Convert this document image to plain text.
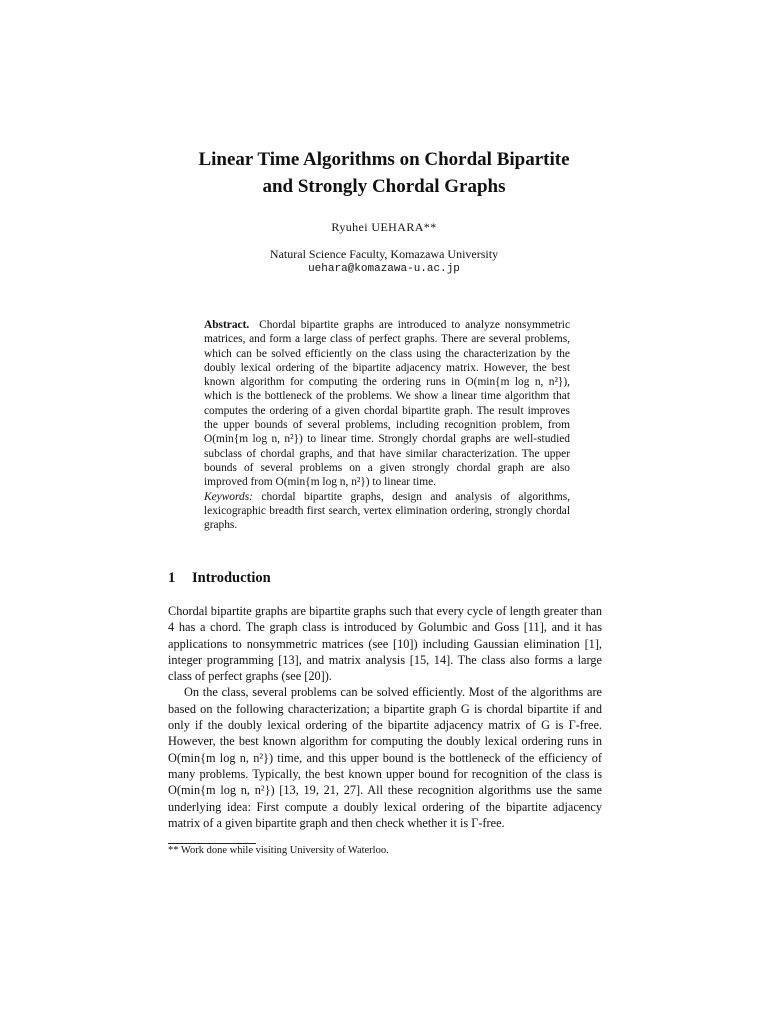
Linear Time Algorithms on Chordal Bipartite
and Strongly Chordal Graphs
Ryuhei UEHARA**
Natural Science Faculty, Komazawa University
uehara@komazawa-u.ac.jp

Abstract. Chordal bipartite graphs are introduced to analyze nonsymmetric matrices, and form a large class of perfect graphs. There are several problems, which can be solved efficiently on the class using the characterization by the doubly lexical ordering of the bipartite adjacency matrix. However, the best known algorithm for computing the ordering runs in O(min{m log n, n²}), which is the bottleneck of the problems. We show a linear time algorithm that computes the ordering of a given chordal bipartite graph. The result improves the upper bounds of several problems, including recognition problem, from O(min{m log n, n²}) to linear time. Strongly chordal graphs are well-studied subclass of chordal graphs, and that have similar characterization. The upper bounds of several problems on a given strongly chordal graph are also improved from O(min{m log n, n²}) to linear time.

Keywords: chordal bipartite graphs, design and analysis of algorithms, lexicographic breadth first search, vertex elimination ordering, strongly chordal graphs.

1 Introduction

Chordal bipartite graphs are bipartite graphs such that every cycle of length greater than 4 has a chord. The graph class is introduced by Golumbic and Goss [11], and it has applications to nonsymmetric matrices (see [10]) including Gaussian elimination [1], integer programming [13], and matrix analysis [15, 14]. The class also forms a large class of perfect graphs (see [20]).

On the class, several problems can be solved efficiently. Most of the algorithms are based on the following characterization; a bipartite graph G is chordal bipartite if and only if the doubly lexical ordering of the bipartite adjacency matrix of G is Γ-free. However, the best known algorithm for computing the doubly lexical ordering runs in O(min{m log n, n²}) time, and this upper bound is the bottleneck of the efficiency of many problems. Typically, the best known upper bound for recognition of the class is O(min{m log n, n²}) [13, 19, 21, 27]. All these recognition algorithms use the same underlying idea: First compute a doubly lexical ordering of the bipartite adjacency matrix of a given bipartite graph and then check whether it is Γ-free.

** Work done while visiting University of Waterloo.
